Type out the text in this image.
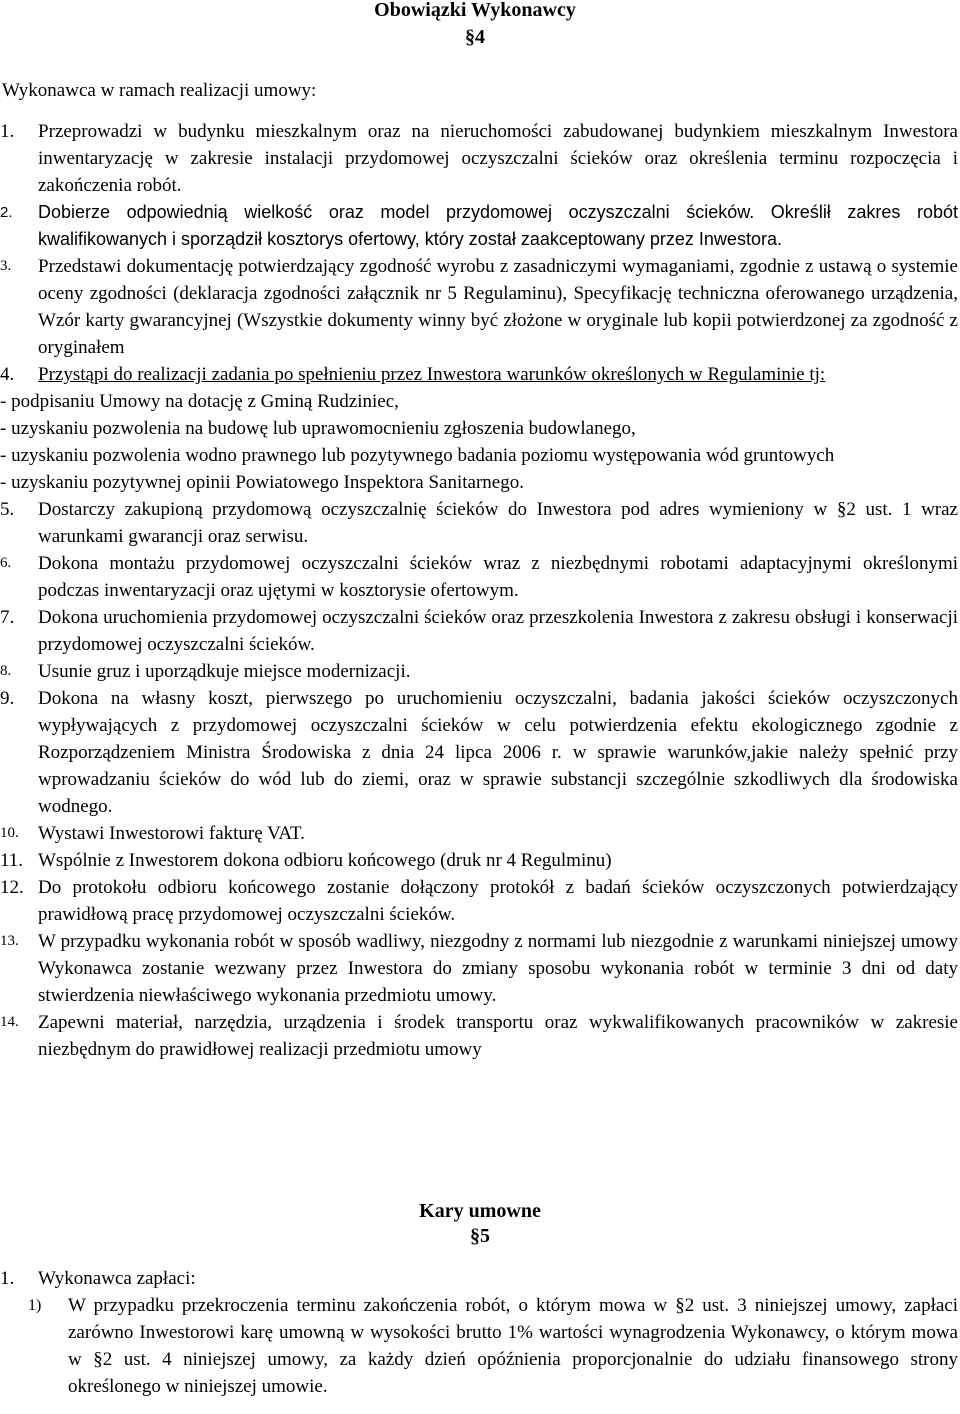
Obowiązki Wykonawcy
§4
Wykonawca w ramach realizacji umowy:
1.	Przeprowadzi w budynku mieszkalnym oraz na nieruchomości zabudowanej budynkiem mieszkalnym Inwestora inwentaryzację w zakresie instalacji przydomowej oczyszczalni ścieków oraz określenia terminu rozpoczęcia i zakończenia robót.
2.	Dobierze odpowiednią wielkość oraz model przydomowej oczyszczalni ścieków. Określił zakres robót kwalifikowanych i sporządził kosztorys ofertowy, który został zaakceptowany przez Inwestora.
3.	Przedstawi dokumentację potwierdzający zgodność wyrobu z zasadniczymi wymaganiami, zgodnie z ustawą o systemie oceny zgodności (deklaracja zgodności załącznik nr 5 Regulaminu), Specyfikację techniczna oferowanego urządzenia, Wzór karty gwarancyjnej (Wszystkie dokumenty winny być złożone w oryginale lub kopii potwierdzonej za zgodność z oryginałem
4.	Przystąpi do realizacji zadania po spełnieniu przez Inwestora warunków określonych w Regulaminie tj:
- podpisaniu Umowy na dotację z Gminą Rudziniec,
- uzyskaniu pozwolenia na budowę lub uprawomocnieniu zgłoszenia budowlanego,
- uzyskaniu pozwolenia wodno prawnego lub pozytywnego badania poziomu występowania wód gruntowych
- uzyskaniu pozytywnej opinii Powiatowego Inspektora Sanitarnego.
5.	Dostarczy zakupioną przydomową oczyszczalnię ścieków do Inwestora pod adres wymieniony w §2 ust. 1 wraz warunkami gwarancji oraz serwisu.
6.	Dokona montażu przydomowej oczyszczalni ścieków wraz z niezbędnymi robotami adaptacyjnymi określonymi podczas inwentaryzacji oraz ujętymi w kosztorysie ofertowym.
7.	Dokona uruchomienia przydomowej oczyszczalni ścieków oraz przeszkolenia Inwestora z zakresu obsługi i konserwacji przydomowej oczyszczalni ścieków.
8.	Usunie gruz i uporządkuje miejsce modernizacji.
9.	Dokona na własny koszt, pierwszego po uruchomieniu oczyszczalni, badania jakości ścieków oczyszczonych wypływających z przydomowej oczyszczalni ścieków w celu potwierdzenia efektu ekologicznego zgodnie z Rozporządzeniem Ministra Środowiska z dnia 24 lipca 2006 r. w sprawie warunków,jakie należy spełnić przy wprowadzaniu ścieków do wód lub do ziemi, oraz w sprawie substancji szczególnie szkodliwych dla środowiska wodnego.
10.	Wystawi Inwestorowi fakturę VAT.
11. Wspólnie z Inwestorem dokona odbioru końcowego (druk nr 4 Regulminu)
12. Do protokołu odbioru końcowego zostanie dołączony protokół z badań ścieków oczyszczonych potwierdzający prawidłową pracę przydomowej oczyszczalni ścieków.
13.	W przypadku wykonania robót w sposób wadliwy, niezgodny z normami lub niezgodnie z warunkami niniejszej umowy Wykonawca zostanie wezwany przez Inwestora do zmiany sposobu wykonania robót w terminie 3 dni od daty stwierdzenia niewłaściwego wykonania przedmiotu umowy.
14.	Zapewni materiał, narzędzia, urządzenia i środek transportu oraz wykwalifikowanych pracowników w zakresie niezbędnym do prawidłowej realizacji przedmiotu umowy
Kary umowne
§5
1.	Wykonawca zapłaci:
1)	W przypadku przekroczenia terminu zakończenia robót, o którym mowa w §2 ust. 3 niniejszej umowy, zapłaci zarówno Inwestorowi karę umowną w wysokości brutto 1% wartości wynagrodzenia Wykonawcy, o którym mowa w §2 ust. 4 niniejszej umowy, za każdy dzień opóźnienia proporcjonalnie do udziału finansowego strony określonego w niniejszej umowie.
